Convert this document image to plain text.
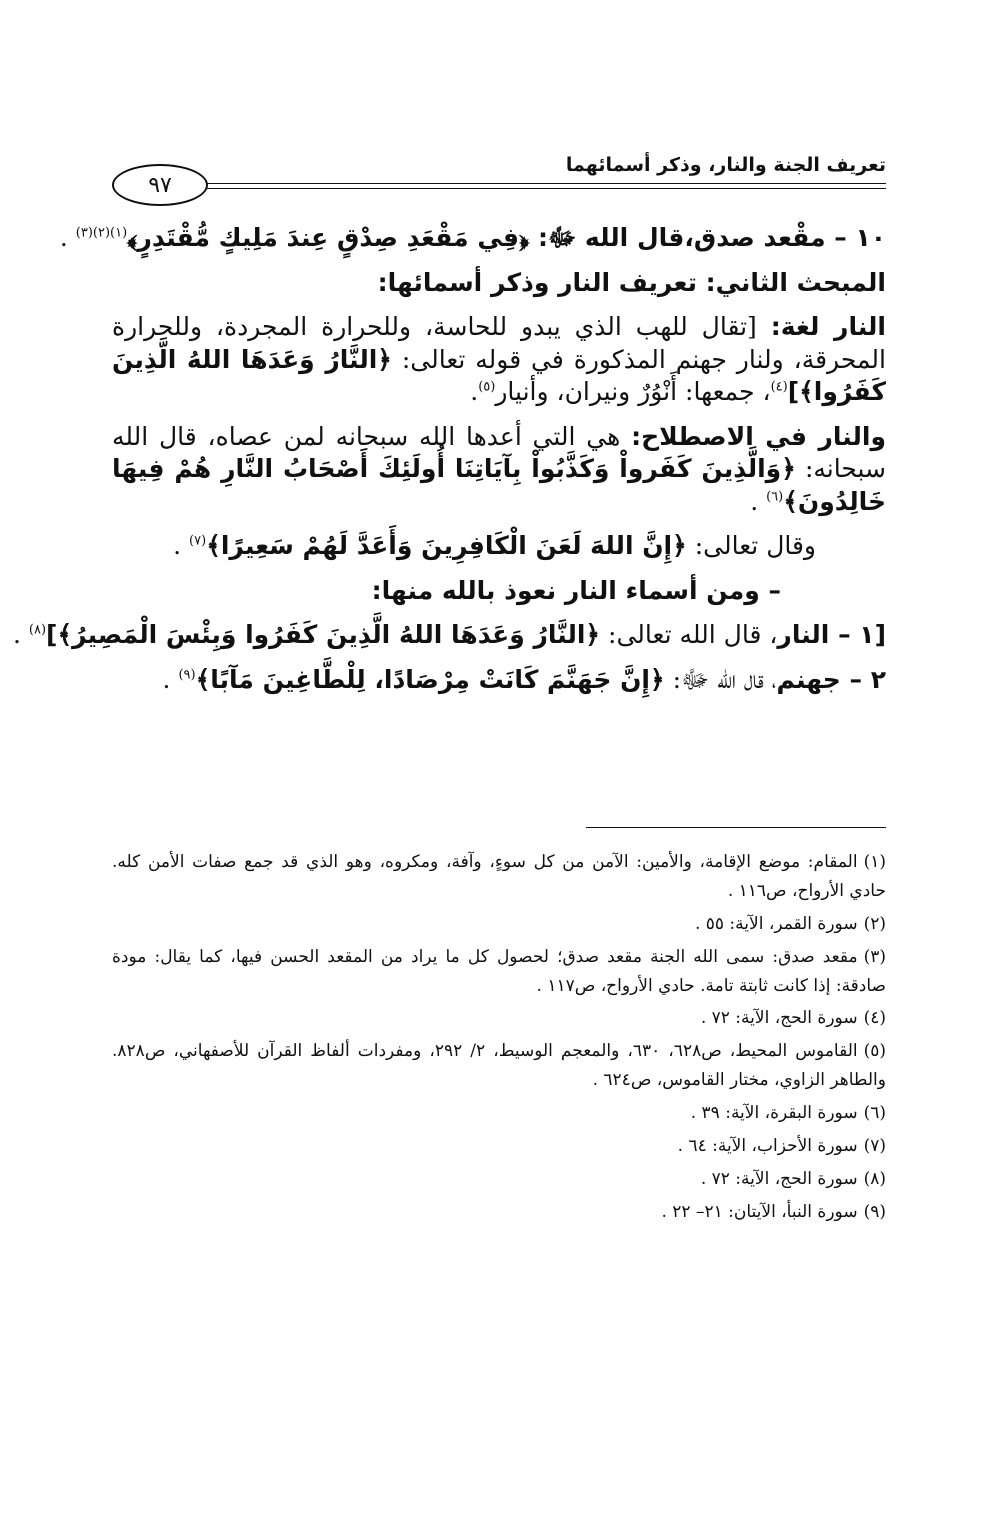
تعريف الجنة والنار، وذكر أسمائهما
٩٧
١٠ – مقْعد صدق،قال الله ﷻ: ﴿فِي مَقْعَدِ صِدْقٍ عِندَ مَلِيكٍ مُّقْتَدِرٍ﴾$^{(١)(٢)(٣)}$ .
المبحث الثاني: تعريف النار وذكر أسمائها:
النار لغة: [تقال للهب الذي يبدو للحاسة، وللحرارة المجردة، وللحرارة المحرقة، ولنار جهنم المذكورة في قوله تعالى: ﴿النَّارُ وَعَدَهَا اللهُ الَّذِينَ كَفَرُوا﴾]$^{(٤)}$، جمعها: أَنْوُرٌ ونيران، وأنيار$^{(٥)}$.
والنار في الاصطلاح: هي التي أعدها الله سبحانه لمن عصاه، قال الله سبحانه: ﴿وَالَّذِينَ كَفَرواْ وَكَذَّبُواْ بِآيَاتِنَا أُولَئِكَ أَصْحَابُ النَّارِ هُمْ فِيهَا خَالِدُونَ﴾$^{(٦)}$ .
وقال تعالى: ﴿إِنَّ اللهَ لَعَنَ الْكَافِرِينَ وَأَعَدَّ لَهُمْ سَعِيرًا﴾$^{(٧)}$ .
– ومن أسماء النار نعوذ بالله منها:
[١ – النار، قال الله تعالى: ﴿النَّارُ وَعَدَهَا اللهُ الَّذِينَ كَفَرُوا وَبِئْسَ الْمَصِيرُ﴾]$^{(٨)}$ .
٢ – جهنم، قال الله ﷻ: ﴿إِنَّ جَهَنَّمَ كَانَتْ مِرْصَادًا، لِلْطَّاغِينَ مَآبًا﴾$^{(٩)}$ .
(١)المقام: موضع الإقامة، والأمين: الآمن من كل سوءٍ، وآفة، ومكروه، وهو الذي قد جمع صفات الأمن كله. حادي الأرواح، ص١١٦ .
(٢)سورة القمر، الآية: ٥٥ .
(٣)مقعد صدق: سمى الله الجنة مقعد صدق؛ لحصول كل ما يراد من المقعد الحسن فيها، كما يقال: مودة صادقة: إذا كانت ثابتة تامة. حادي الأرواح، ص١١٧ .
(٤)سورة الحج، الآية: ٧٢ .
(٥)القاموس المحيط، ص٦٢٨، ٦٣٠، والمعجم الوسيط، ٢/ ٢٩٢، ومفردات ألفاظ القرآن للأصفهاني، ص٨٢٨. والطاهر الزاوي، مختار القاموس، ص٦٢٤ .
(٦)سورة البقرة، الآية: ٣٩ .
(٧)سورة الأحزاب، الآية: ٦٤ .
(٨)سورة الحج، الآية: ٧٢ .
(٩)سورة النبأ، الآيتان: ٢١– ٢٢ .
